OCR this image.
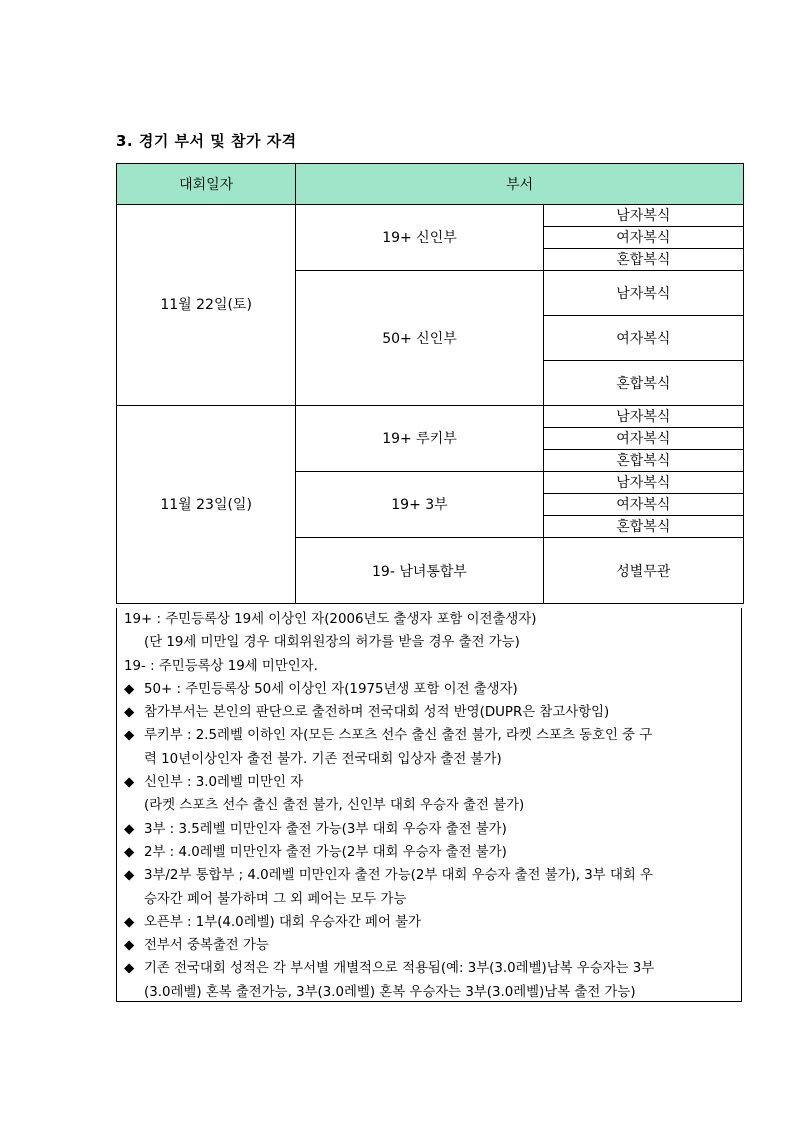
3. 경기 부서 및 참가 자격
대회일자	부서	
11월 22일(토)	19+ 신인부	남자복식
		여자복식
		혼합복식
	50+ 신인부	남자복식
		여자복식
		혼합복식
11월 23일(일)	19+ 루키부	남자복식
		여자복식
		혼합복식
	19+ 3부	남자복식
		여자복식
		혼합복식
	19- 남녀통합부	성별무관
19+ : 주민등록상 19세 이상인 자(2006년도 출생자 포함 이전출생자)
(단 19세 미만일 경우 대회위원장의 허가를 받을 경우 출전 가능)
19- : 주민등록상 19세 미만인자.
◆ 50+ : 주민등록상 50세 이상인 자(1975년생 포함 이전 출생자)
◆ 참가부서는 본인의 판단으로 출전하며 전국대회 성적 반영(DUPR은 참고사항임)
◆ 루키부 : 2.5레벨 이하인 자(모든 스포츠 선수 출신 출전 불가, 라켓 스포츠 동호인 중 구
력 10년이상인자 출전 불가. 기존 전국대회 입상자 출전 불가)
◆ 신인부 : 3.0레벨 미만인 자
(라켓 스포츠 선수 출신 출전 불가, 신인부 대회 우승자 출전 불가)
◆ 3부 : 3.5레벨 미만인자 출전 가능(3부 대회 우승자 출전 불가)
◆ 2부 : 4.0레벨 미만인자 출전 가능(2부 대회 우승자 출전 불가)
◆ 3부/2부 통합부 ; 4.0레벨 미만인자 출전 가능(2부 대회 우승자 출전 불가), 3부 대회 우
승자간 페어 불가하며 그 외 페어는 모두 가능
◆ 오픈부 : 1부(4.0레벨) 대회 우승자간 페어 불가
◆ 전부서 중복출전 가능
◆ 기존 전국대회 성적은 각 부서별 개별적으로 적용됨(예: 3부(3.0레벨)남복 우승자는 3부
(3.0레벨) 혼복 출전가능, 3부(3.0레벨) 혼복 우승자는 3부(3.0레벨)남복 출전 가능)
